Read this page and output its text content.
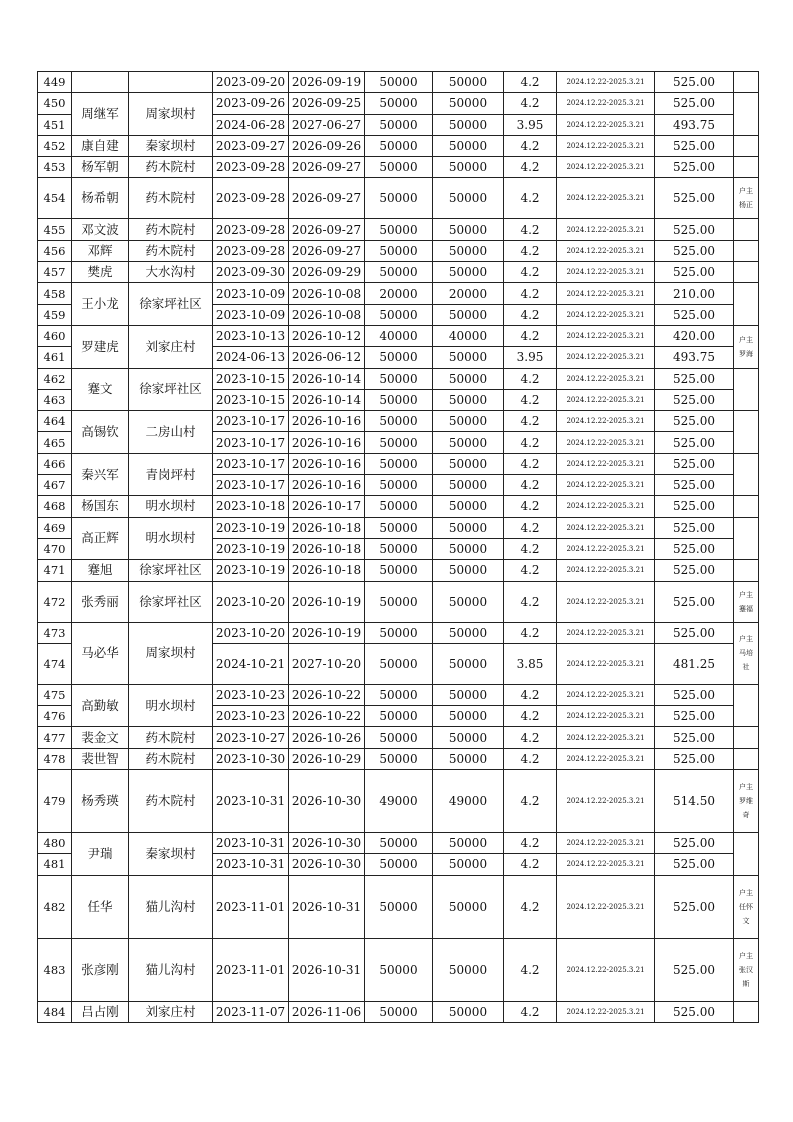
449			2023-09-20	2026-09-19	50000	50000	4.2	2024.12.22-2025.3.21	525.00	
450	周继军	周家坝村	2023-09-26	2026-09-25	50000	50000	4.2	2024.12.22-2025.3.21	525.00	
451			2024-06-28	2027-06-27	50000	50000	3.95	2024.12.22-2025.3.21	493.75	
452	康自建	秦家坝村	2023-09-27	2026-09-26	50000	50000	4.2	2024.12.22-2025.3.21	525.00	
453	杨军朝	药木院村	2023-09-28	2026-09-27	50000	50000	4.2	2024.12.22-2025.3.21	525.00	
454	杨希朝	药木院村	2023-09-28	2026-09-27	50000	50000	4.2	2024.12.22-2025.3.21	525.00	户主
杨正

455	邓文波	药木院村	2023-09-28	2026-09-27	50000	50000	4.2	2024.12.22-2025.3.21	525.00	
456	邓辉	药木院村	2023-09-28	2026-09-27	50000	50000	4.2	2024.12.22-2025.3.21	525.00	
457	樊虎	大水沟村	2023-09-30	2026-09-29	50000	50000	4.2	2024.12.22-2025.3.21	525.00	
458	王小龙	徐家坪社区	2023-10-09	2026-10-08	20000	20000	4.2	2024.12.22-2025.3.21	210.00	
459			2023-10-09	2026-10-08	50000	50000	4.2	2024.12.22-2025.3.21	525.00	
460	罗建虎	刘家庄村	2023-10-13	2026-10-12	40000	40000	4.2	2024.12.22-2025.3.21	420.00	户主
罗海

461			2024-06-13	2026-06-12	50000	50000	3.95	2024.12.22-2025.3.21	493.75	
462	蹇文	徐家坪社区	2023-10-15	2026-10-14	50000	50000	4.2	2024.12.22-2025.3.21	525.00	
463			2023-10-15	2026-10-14	50000	50000	4.2	2024.12.22-2025.3.21	525.00	
464	高锡钦	二房山村	2023-10-17	2026-10-16	50000	50000	4.2	2024.12.22-2025.3.21	525.00	
465			2023-10-17	2026-10-16	50000	50000	4.2	2024.12.22-2025.3.21	525.00	
466	秦兴军	青岗坪村	2023-10-17	2026-10-16	50000	50000	4.2	2024.12.22-2025.3.21	525.00	
467			2023-10-17	2026-10-16	50000	50000	4.2	2024.12.22-2025.3.21	525.00	
468	杨国东	明水坝村	2023-10-18	2026-10-17	50000	50000	4.2	2024.12.22-2025.3.21	525.00	
469	高正辉	明水坝村	2023-10-19	2026-10-18	50000	50000	4.2	2024.12.22-2025.3.21	525.00	
470			2023-10-19	2026-10-18	50000	50000	4.2	2024.12.22-2025.3.21	525.00	
471	蹇旭	徐家坪社区	2023-10-19	2026-10-18	50000	50000	4.2	2024.12.22-2025.3.21	525.00	
472	张秀丽	徐家坪社区	2023-10-20	2026-10-19	50000	50000	4.2	2024.12.22-2025.3.21	525.00	户主
蹇福

473	马必华	周家坝村	2023-10-20	2026-10-19	50000	50000	4.2	2024.12.22-2025.3.21	525.00	户主
马培
社

474			2024-10-21	2027-10-20	50000	50000	3.85	2024.12.22-2025.3.21	481.25	
475	高勤敏	明水坝村	2023-10-23	2026-10-22	50000	50000	4.2	2024.12.22-2025.3.21	525.00	
476			2023-10-23	2026-10-22	50000	50000	4.2	2024.12.22-2025.3.21	525.00	
477	裴金文	药木院村	2023-10-27	2026-10-26	50000	50000	4.2	2024.12.22-2025.3.21	525.00	
478	裴世智	药木院村	2023-10-30	2026-10-29	50000	50000	4.2	2024.12.22-2025.3.21	525.00	
479	杨秀瑛	药木院村	2023-10-31	2026-10-30	49000	49000	4.2	2024.12.22-2025.3.21	514.50	户主
罗维
奇

480	尹瑞	秦家坝村	2023-10-31	2026-10-30	50000	50000	4.2	2024.12.22-2025.3.21	525.00	
481			2023-10-31	2026-10-30	50000	50000	4.2	2024.12.22-2025.3.21	525.00	
482	任华	猫儿沟村	2023-11-01	2026-10-31	50000	50000	4.2	2024.12.22-2025.3.21	525.00	户主
任怀
文

483	张彦刚	猫儿沟村	2023-11-01	2026-10-31	50000	50000	4.2	2024.12.22-2025.3.21	525.00	户主
张汉
斯

484	吕占刚	刘家庄村	2023-11-07	2026-11-06	50000	50000	4.2	2024.12.22-2025.3.21	525.00	
